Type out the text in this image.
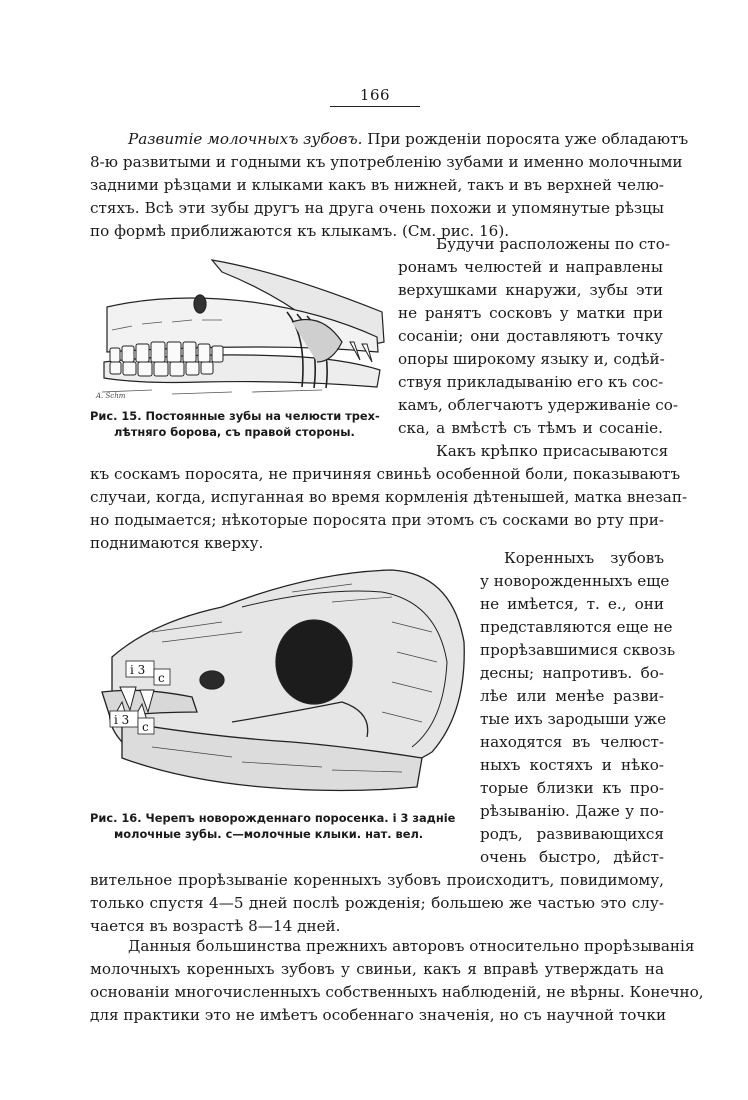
166
Развитіе молочныхъ зубовъ. При рожденіи поросята уже обладаютъ
8-ю развитыми и годными къ употребленію зубами и именно молочными
задними рѣзцами и клыками какъ въ нижней, такъ и въ верхней челю-
стяхъ. Всѣ эти зубы другъ на друга очень похожи и упомянутые рѣзцы
по формѣ приближаются къ клыкамъ. (См. рис. 16).
A. Schm
Рис. 15. Постоянные зубы на челюсти трех-
лѣтняго борова, съ правой стороны.
Будучи расположены по сто-
ронамъ челюстей и направлены
верхушками кнаружи, зубы эти
не ранятъ сосковъ у матки при
сосаніи; они доставляютъ точку
опоры широкому языку и, содѣй-
ствуя прикладыванію его къ сос-
камъ, облегчаютъ удерживаніе со-
ска, а вмѣстѣ съ тѣмъ и сосаніе.
Какъ крѣпко присасываются
къ соскамъ поросята, не причиняя свиньѣ особенной боли, показываютъ
случаи, когда, испуганная во время кормленія дѣтенышей, матка внезап-
но подымается; нѣкоторые поросята при этомъ съ сосками во рту при-
поднимаются кверху.
i 3
c
i 3 c
Рис. 16. Черепъ новорожденнаго поросенка. і 3 задніе
молочные зубы. с—молочные клыки. нат. вел.
Коренныхъ зубовъ
у новорожденныхъ еще
не имѣется, т. е., они
представляются еще не
прорѣзавшимися сквозь
десны; напротивъ. бо-
лѣе или менѣе разви-
тые ихъ зародыши уже
находятся въ челюст-
ныхъ костяхъ и нѣко-
торые близки къ про-
рѣзыванію. Даже у по-
родъ, развивающихся
очень быстро, дѣйст-
вительное прорѣзываніе коренныхъ зубовъ происходитъ, повидимому,
только спустя 4—5 дней послѣ рожденія; большею же частью это слу-
чается въ возрастѣ 8—14 дней.
Данныя большинства прежнихъ авторовъ относительно прорѣзыванія
молочныхъ коренныхъ зубовъ у свиньи, какъ я вправѣ утверждать на
основаніи многочисленныхъ собственныхъ наблюденій, не вѣрны. Конечно,
для практики это не имѣетъ особеннаго значенія, но съ научной точки
